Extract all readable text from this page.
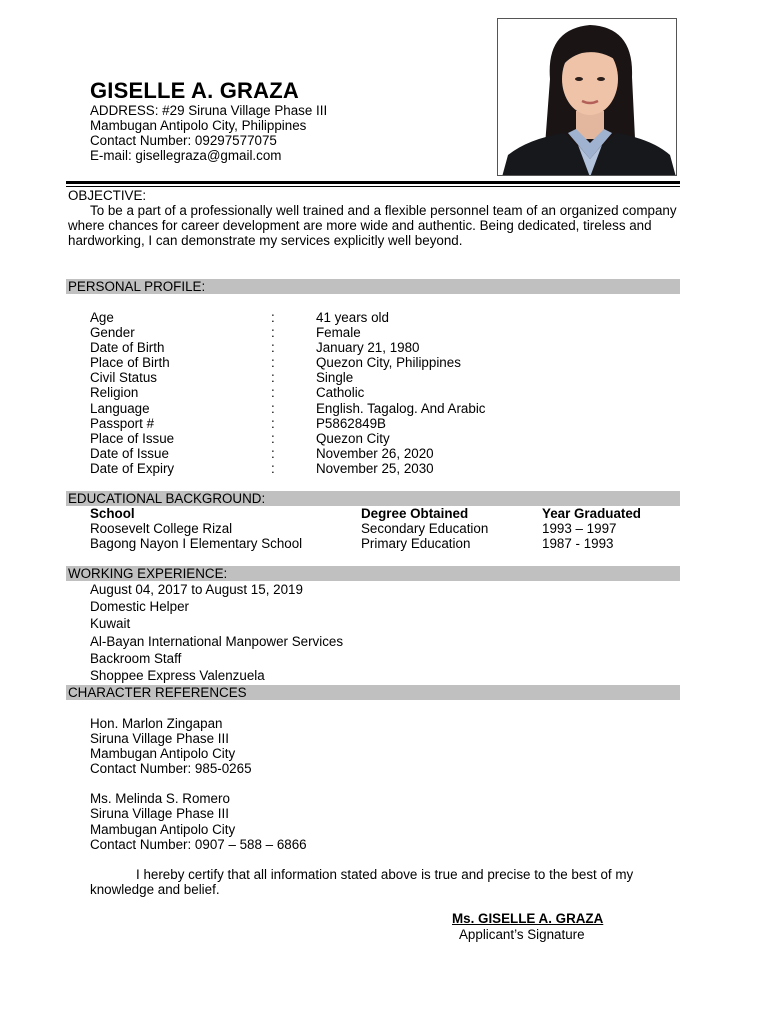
GISELLE A. GRAZA
ADDRESS: #29 Siruna Village Phase III
Mambugan Antipolo City, Philippines
Contact Number: 09297577075
E-mail: gisellegraza@gmail.com
OBJECTIVE:
To be a part of a professionally well trained and a flexible personnel team of an organized company where chances for career development are more wide and authentic. Being dedicated, tireless and hardworking, I can demonstrate my services explicitly well beyond.
PERSONAL PROFILE:
Age	:	41 years old
Gender	:	Female
Date of Birth	:	January 21, 1980
Place of Birth	:	Quezon City, Philippines
Civil Status	:	Single
Religion	:	Catholic
Language	:	English. Tagalog. And Arabic
Passport #	:	P5862849B
Place of Issue	:	Quezon City
Date of Issue	:	November 26, 2020
Date of Expiry	:	November 25, 2030
EDUCATIONAL BACKGROUND:
School	Degree Obtained	Year Graduated
Roosevelt College Rizal	Secondary Education	1993 – 1997
Bagong Nayon I Elementary School	Primary Education	1987 - 1993
WORKING EXPERIENCE:
August 04, 2017 to August 15, 2019
Domestic Helper
Kuwait
Al-Bayan International Manpower Services
Backroom Staff
Shoppee Express Valenzuela
CHARACTER REFERENCES
Hon. Marlon Zingapan
Siruna Village Phase III
Mambugan Antipolo City
Contact Number: 985-0265
Ms. Melinda S. Romero
Siruna Village Phase III
Mambugan Antipolo City
Contact Number: 0907 – 588 – 6866
I hereby certify that all information stated above is true and precise to the best of my knowledge and belief.
Ms. GISELLE A. GRAZA
Applicant’s Signature
